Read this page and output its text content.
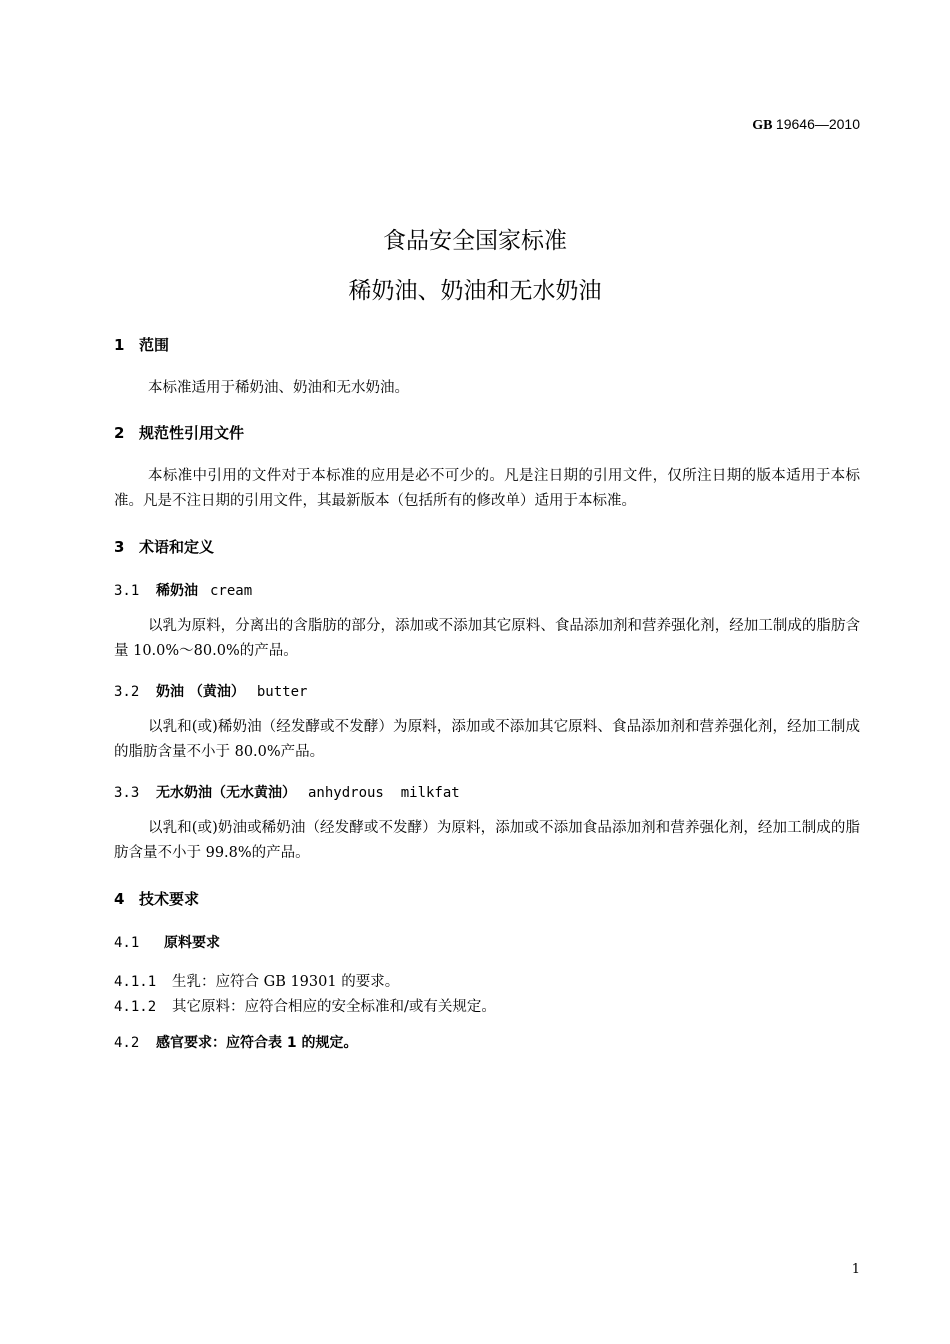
GB 19646—2010
食品安全国家标准
稀奶油、奶油和无水奶油
1 范围

本标准适用于稀奶油、奶油和无水奶油。

2 规范性引用文件

本标准中引用的文件对于本标准的应用是必不可少的。凡是注日期的引用文件，仅所注日期的版本适用于本标准。凡是不注日期的引用文件，其最新版本（包括所有的修改单）适用于本标准。

3 术语和定义
3.1 稀奶油 cream

以乳为原料，分离出的含脂肪的部分，添加或不添加其它原料、食品添加剂和营养强化剂，经加工制成的脂肪含量 10.0%～80.0%的产品。

3.2 奶油 （黄油） butter

以乳和(或)稀奶油（经发酵或不发酵）为原料，添加或不添加其它原料、食品添加剂和营养强化剂，经加工制成的脂肪含量不小于 80.0%产品。

3.3 无水奶油（无水黄油） anhydrous  milkfat

以乳和(或)奶油或稀奶油（经发酵或不发酵）为原料，添加或不添加食品添加剂和营养强化剂，经加工制成的脂肪含量不小于 99.8%的产品。

4 技术要求
4.1 原料要求
4.1.1 生乳：应符合 GB 19301 的要求。
4.1.2 其它原料：应符合相应的安全标准和/或有关规定。
4.2 感官要求：应符合表 1 的规定。
1
